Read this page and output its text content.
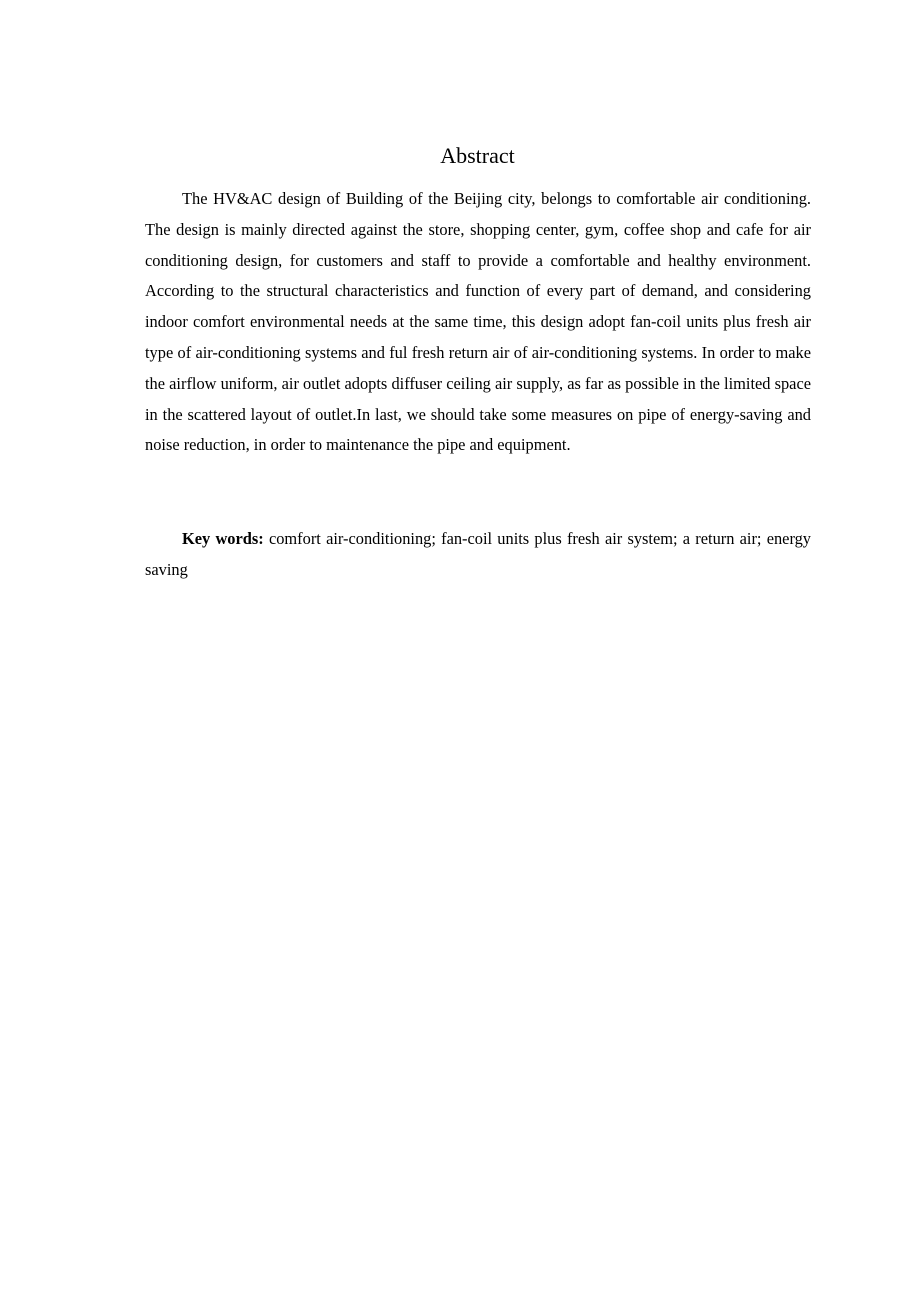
Abstract

The HV&AC design of Building of the Beijing city, belongs to comfortable air conditioning. The design is mainly directed against the store, shopping center, gym, coffee shop and cafe for air conditioning design, for customers and staff to provide a comfortable and healthy environment. According to the structural characteristics and function of every part of demand, and considering indoor comfort environmental needs at the same time, this design adopt fan-coil units plus fresh air type of air-conditioning systems and ful fresh return air of air-conditioning systems. In order to make the airflow uniform, air outlet adopts diffuser ceiling air supply, as far as possible in the limited space in the scattered layout of outlet.In last, we should take some measures on pipe of energy-saving and noise reduction, in order to maintenance the pipe and equipment.

Key words: comfort air-conditioning; fan-coil units plus fresh air system; a return air; energy saving
